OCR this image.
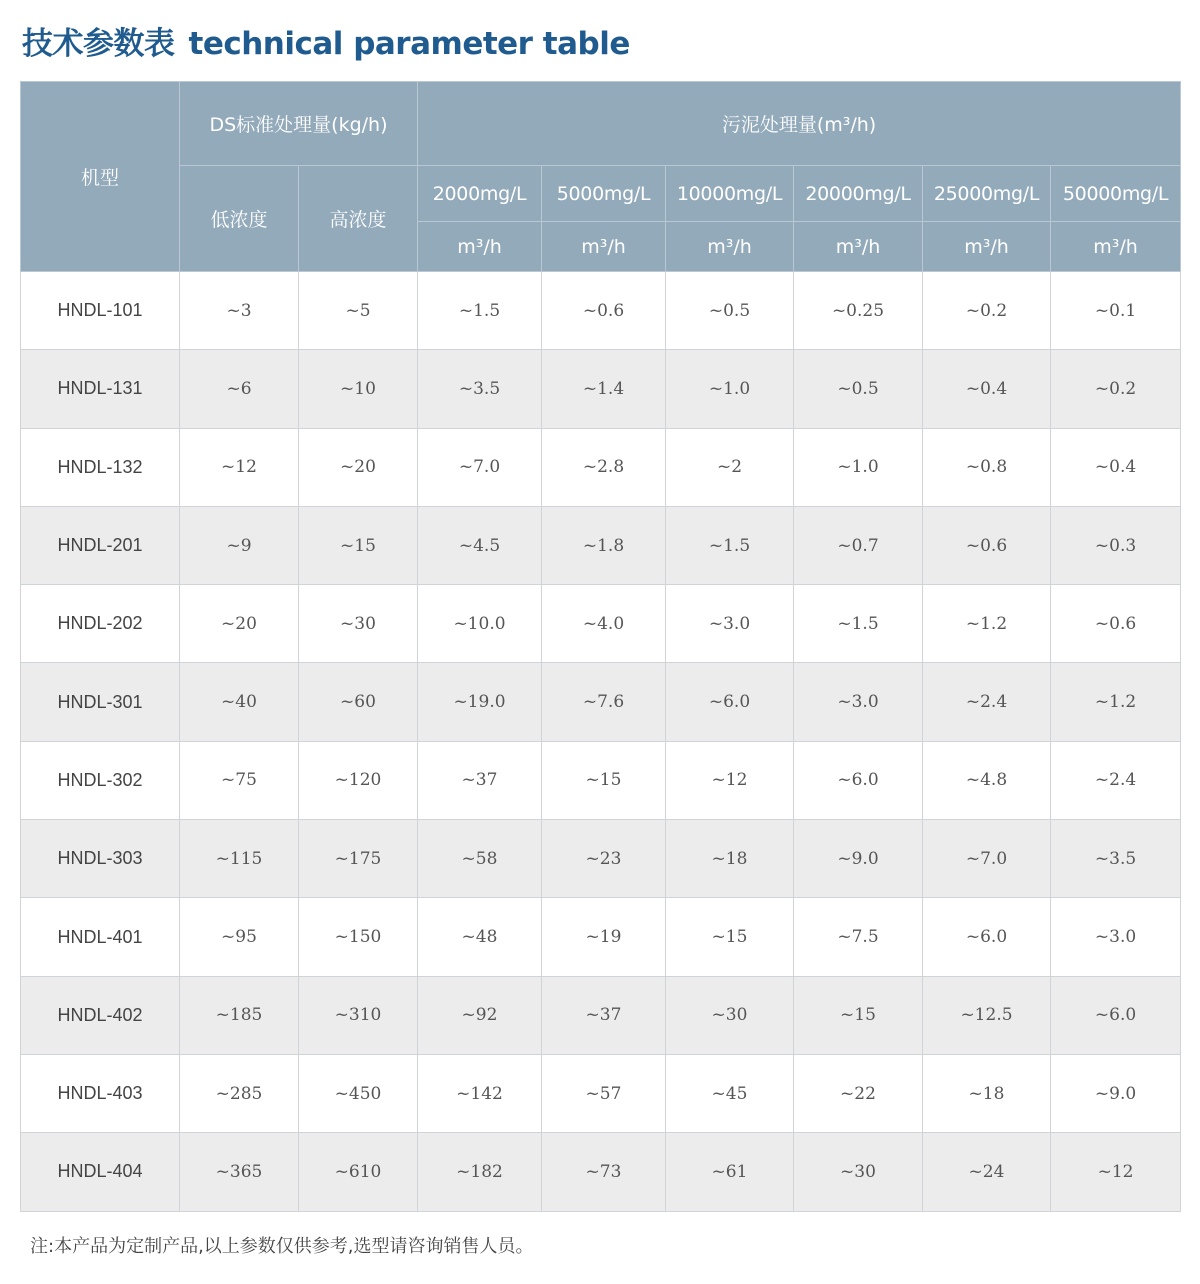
技术参数表 technical parameter table
机型	DS标准处理量(kg/h)		污泥处理量(m³/h)					
	低浓度	高浓度	2000mg/L	5000mg/L	10000mg/L	20000mg/L	25000mg/L	50000mg/L
			m³/h	m³/h	m³/h	m³/h	m³/h	m³/h
HNDL-101	~3	~5	~1.5	~0.6	~0.5	~0.25	~0.2	~0.1
HNDL-131	~6	~10	~3.5	~1.4	~1.0	~0.5	~0.4	~0.2
HNDL-132	~12	~20	~7.0	~2.8	~2	~1.0	~0.8	~0.4
HNDL-201	~9	~15	~4.5	~1.8	~1.5	~0.7	~0.6	~0.3
HNDL-202	~20	~30	~10.0	~4.0	~3.0	~1.5	~1.2	~0.6
HNDL-301	~40	~60	~19.0	~7.6	~6.0	~3.0	~2.4	~1.2
HNDL-302	~75	~120	~37	~15	~12	~6.0	~4.8	~2.4
HNDL-303	~115	~175	~58	~23	~18	~9.0	~7.0	~3.5
HNDL-401	~95	~150	~48	~19	~15	~7.5	~6.0	~3.0
HNDL-402	~185	~310	~92	~37	~30	~15	~12.5	~6.0
HNDL-403	~285	~450	~142	~57	~45	~22	~18	~9.0
HNDL-404	~365	~610	~182	~73	~61	~30	~24	~12
注:本产品为定制产品,以上参数仅供参考,选型请咨询销售人员。
